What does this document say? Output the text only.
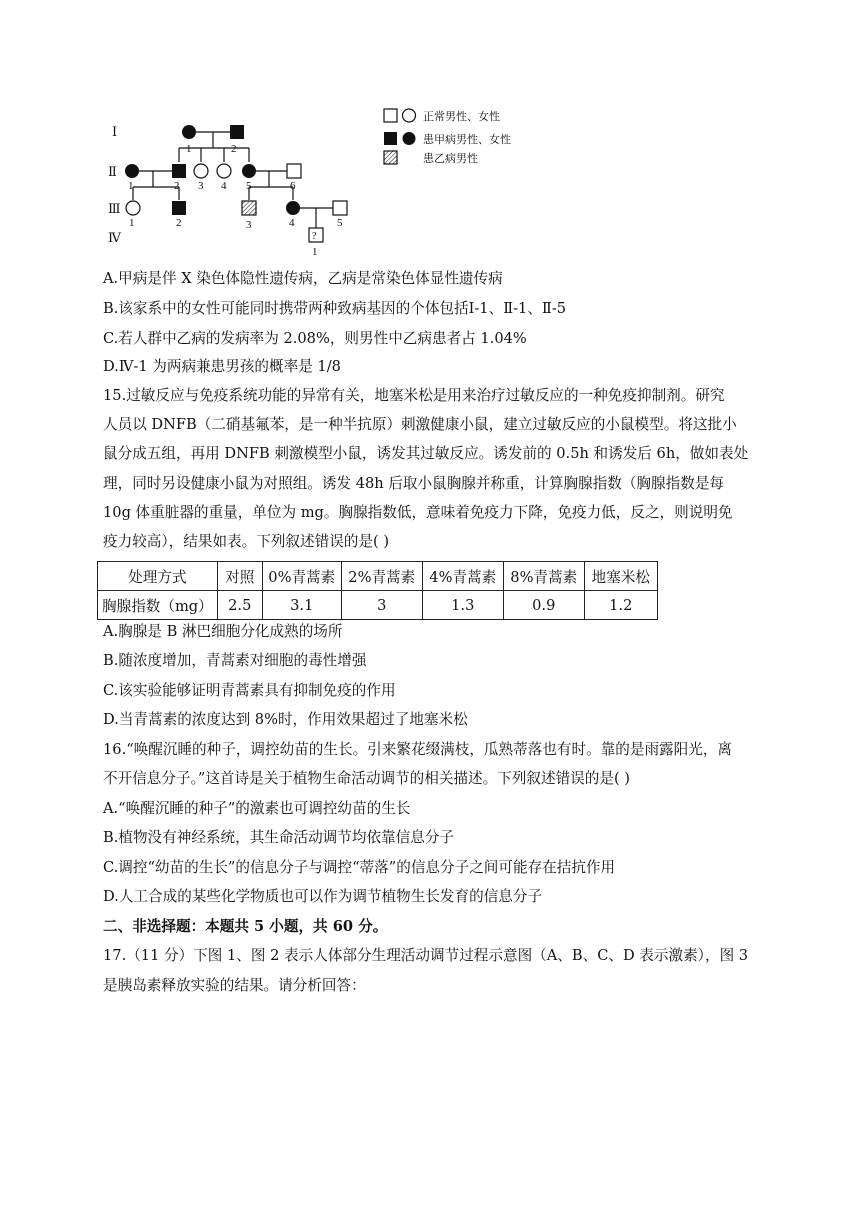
Ⅰ
Ⅱ
Ⅲ
Ⅳ
1	2
1	2 3 4 5	6
1	2	3	4	5
?
1
正常男性、女性
患甲病男性、女性
患乙病男性
A.甲病是伴 X 染色体隐性遗传病，乙病是常染色体显性遗传病
B.该家系中的女性可能同时携带两种致病基因的个体包括Ⅰ-1、Ⅱ-1、Ⅱ-5
C.若人群中乙病的发病率为 2.08%，则男性中乙病患者占 1.04%
D.Ⅳ-1 为两病兼患男孩的概率是 1/8
15.过敏反应与免疫系统功能的异常有关，地塞米松是用来治疗过敏反应的一种免疫抑制剂。研究
人员以 DNFB（二硝基氟苯，是一种半抗原）刺激健康小鼠，建立过敏反应的小鼠模型。将这批小
鼠分成五组，再用 DNFB 刺激模型小鼠，诱发其过敏反应。诱发前的 0.5h 和诱发后 6h，做如表处
理，同时另设健康小鼠为对照组。诱发 48h 后取小鼠胸腺并称重，计算胸腺指数（胸腺指数是每
10g 体重脏器的重量，单位为 mg。胸腺指数低，意味着免疫力下降，免疫力低，反之，则说明免
疫力较高），结果如表。下列叙述错误的是( )
处理方式	对照	0%青蒿素	2%青蒿素	4%青蒿素	8%青蒿素	地塞米松
胸腺指数（mg）	2.5	3.1	3	1.3	0.9	1.2
A.胸腺是 B 淋巴细胞分化成熟的场所
B.随浓度增加，青蒿素对细胞的毒性增强
C.该实验能够证明青蒿素具有抑制免疫的作用
D.当青蒿素的浓度达到 8%时，作用效果超过了地塞米松
16.“唤醒沉睡的种子，调控幼苗的生长。引来繁花缀满枝，瓜熟蒂落也有时。靠的是雨露阳光，离
不开信息分子。”这首诗是关于植物生命活动调节的相关描述。下列叙述错误的是( )
A.“唤醒沉睡的种子”的激素也可调控幼苗的生长
B.植物没有神经系统，其生命活动调节均依靠信息分子
C.调控“幼苗的生长”的信息分子与调控“蒂落”的信息分子之间可能存在拮抗作用
D.人工合成的某些化学物质也可以作为调节植物生长发育的信息分子
二、非选择题：本题共 5 小题，共 60 分。
17.（11 分）下图 1、图 2 表示人体部分生理活动调节过程示意图（A、B、C、D 表示激素），图 3
是胰岛素释放实验的结果。请分析回答：
